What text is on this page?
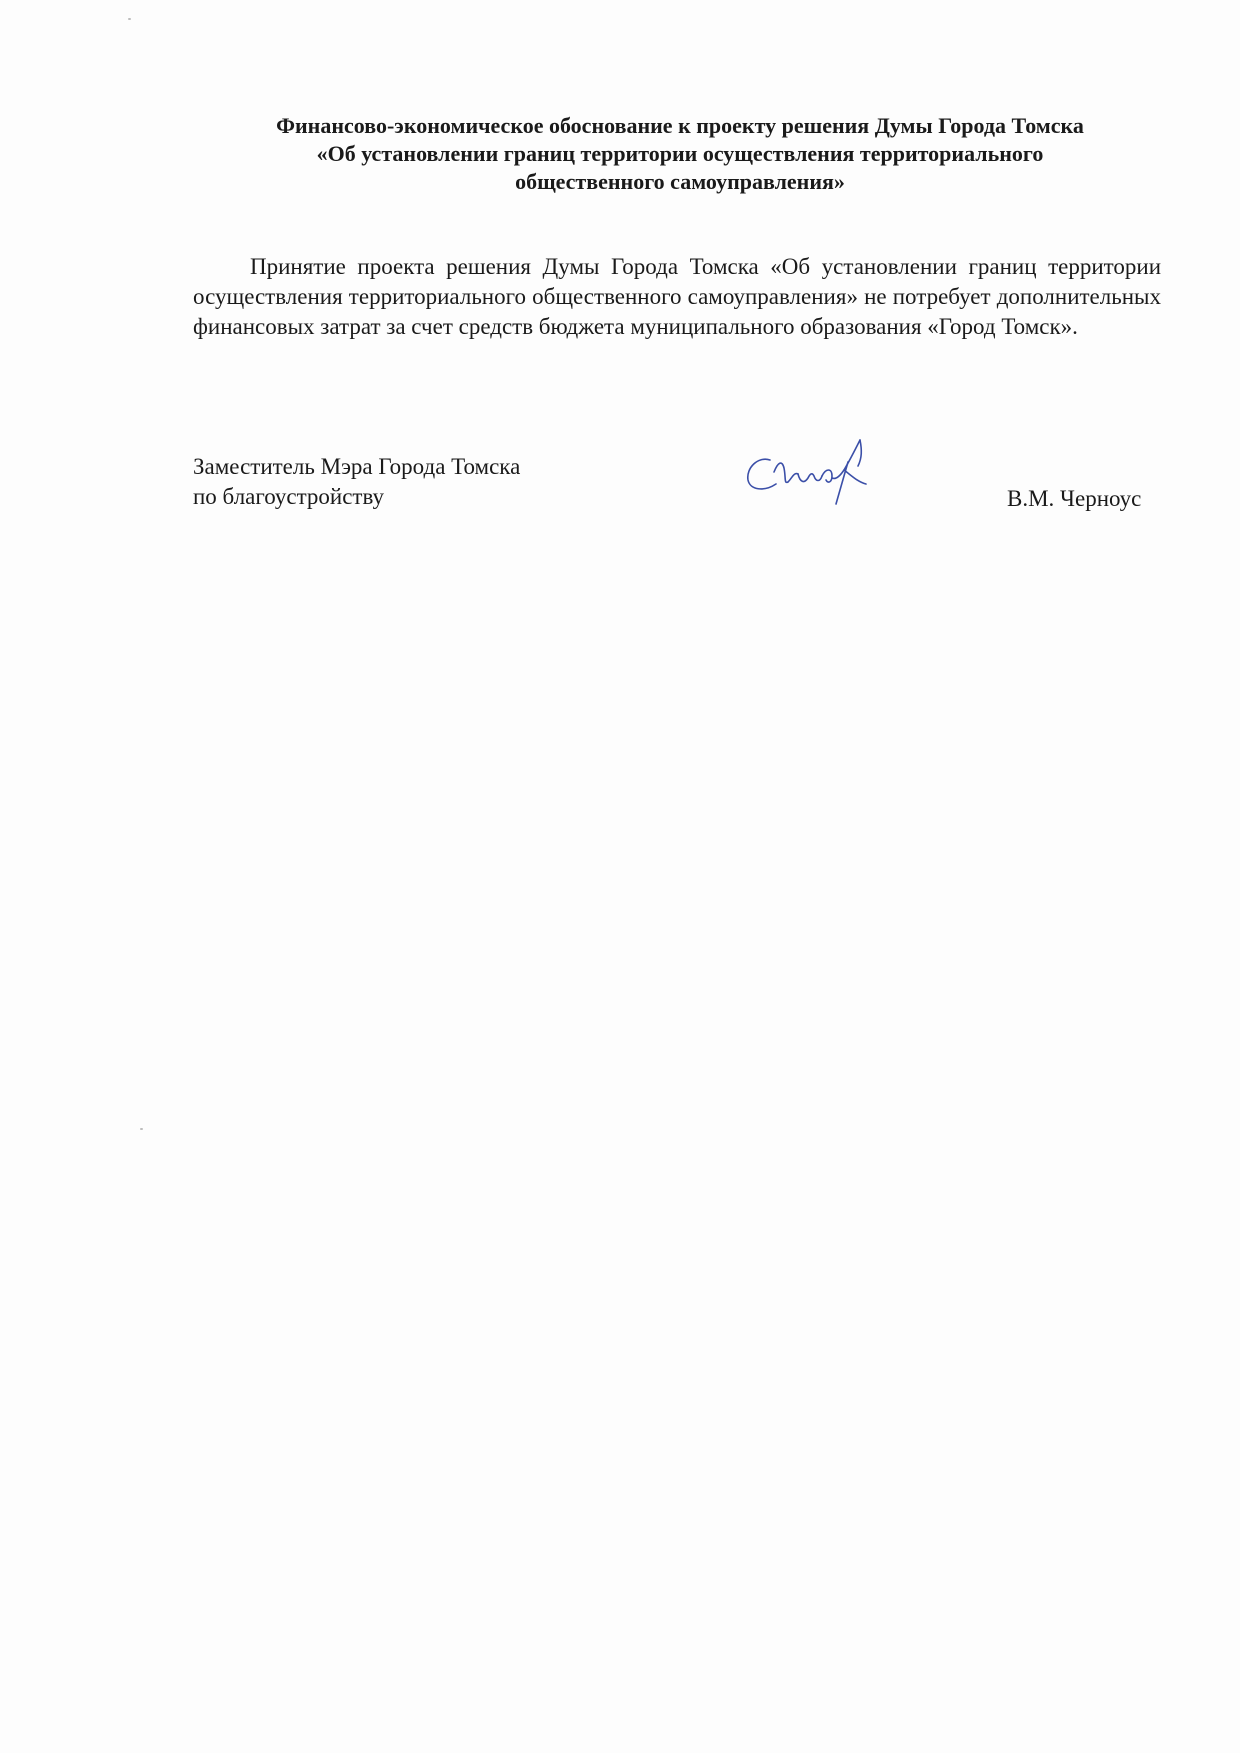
Финансово-экономическое обоснование к проекту решения Думы Города Томска
«Об установлении границ территории осуществления территориального
общественного самоуправления»

Принятие проекта решения Думы Города Томска «Об установлении границ территории осуществления территориального общественного самоуправления» не потребует дополнительных финансовых затрат за счет средств бюджета муниципального образования «Город Томск».

Заместитель Мэра Города Томска
по благоустройству	В.М. Черноус
